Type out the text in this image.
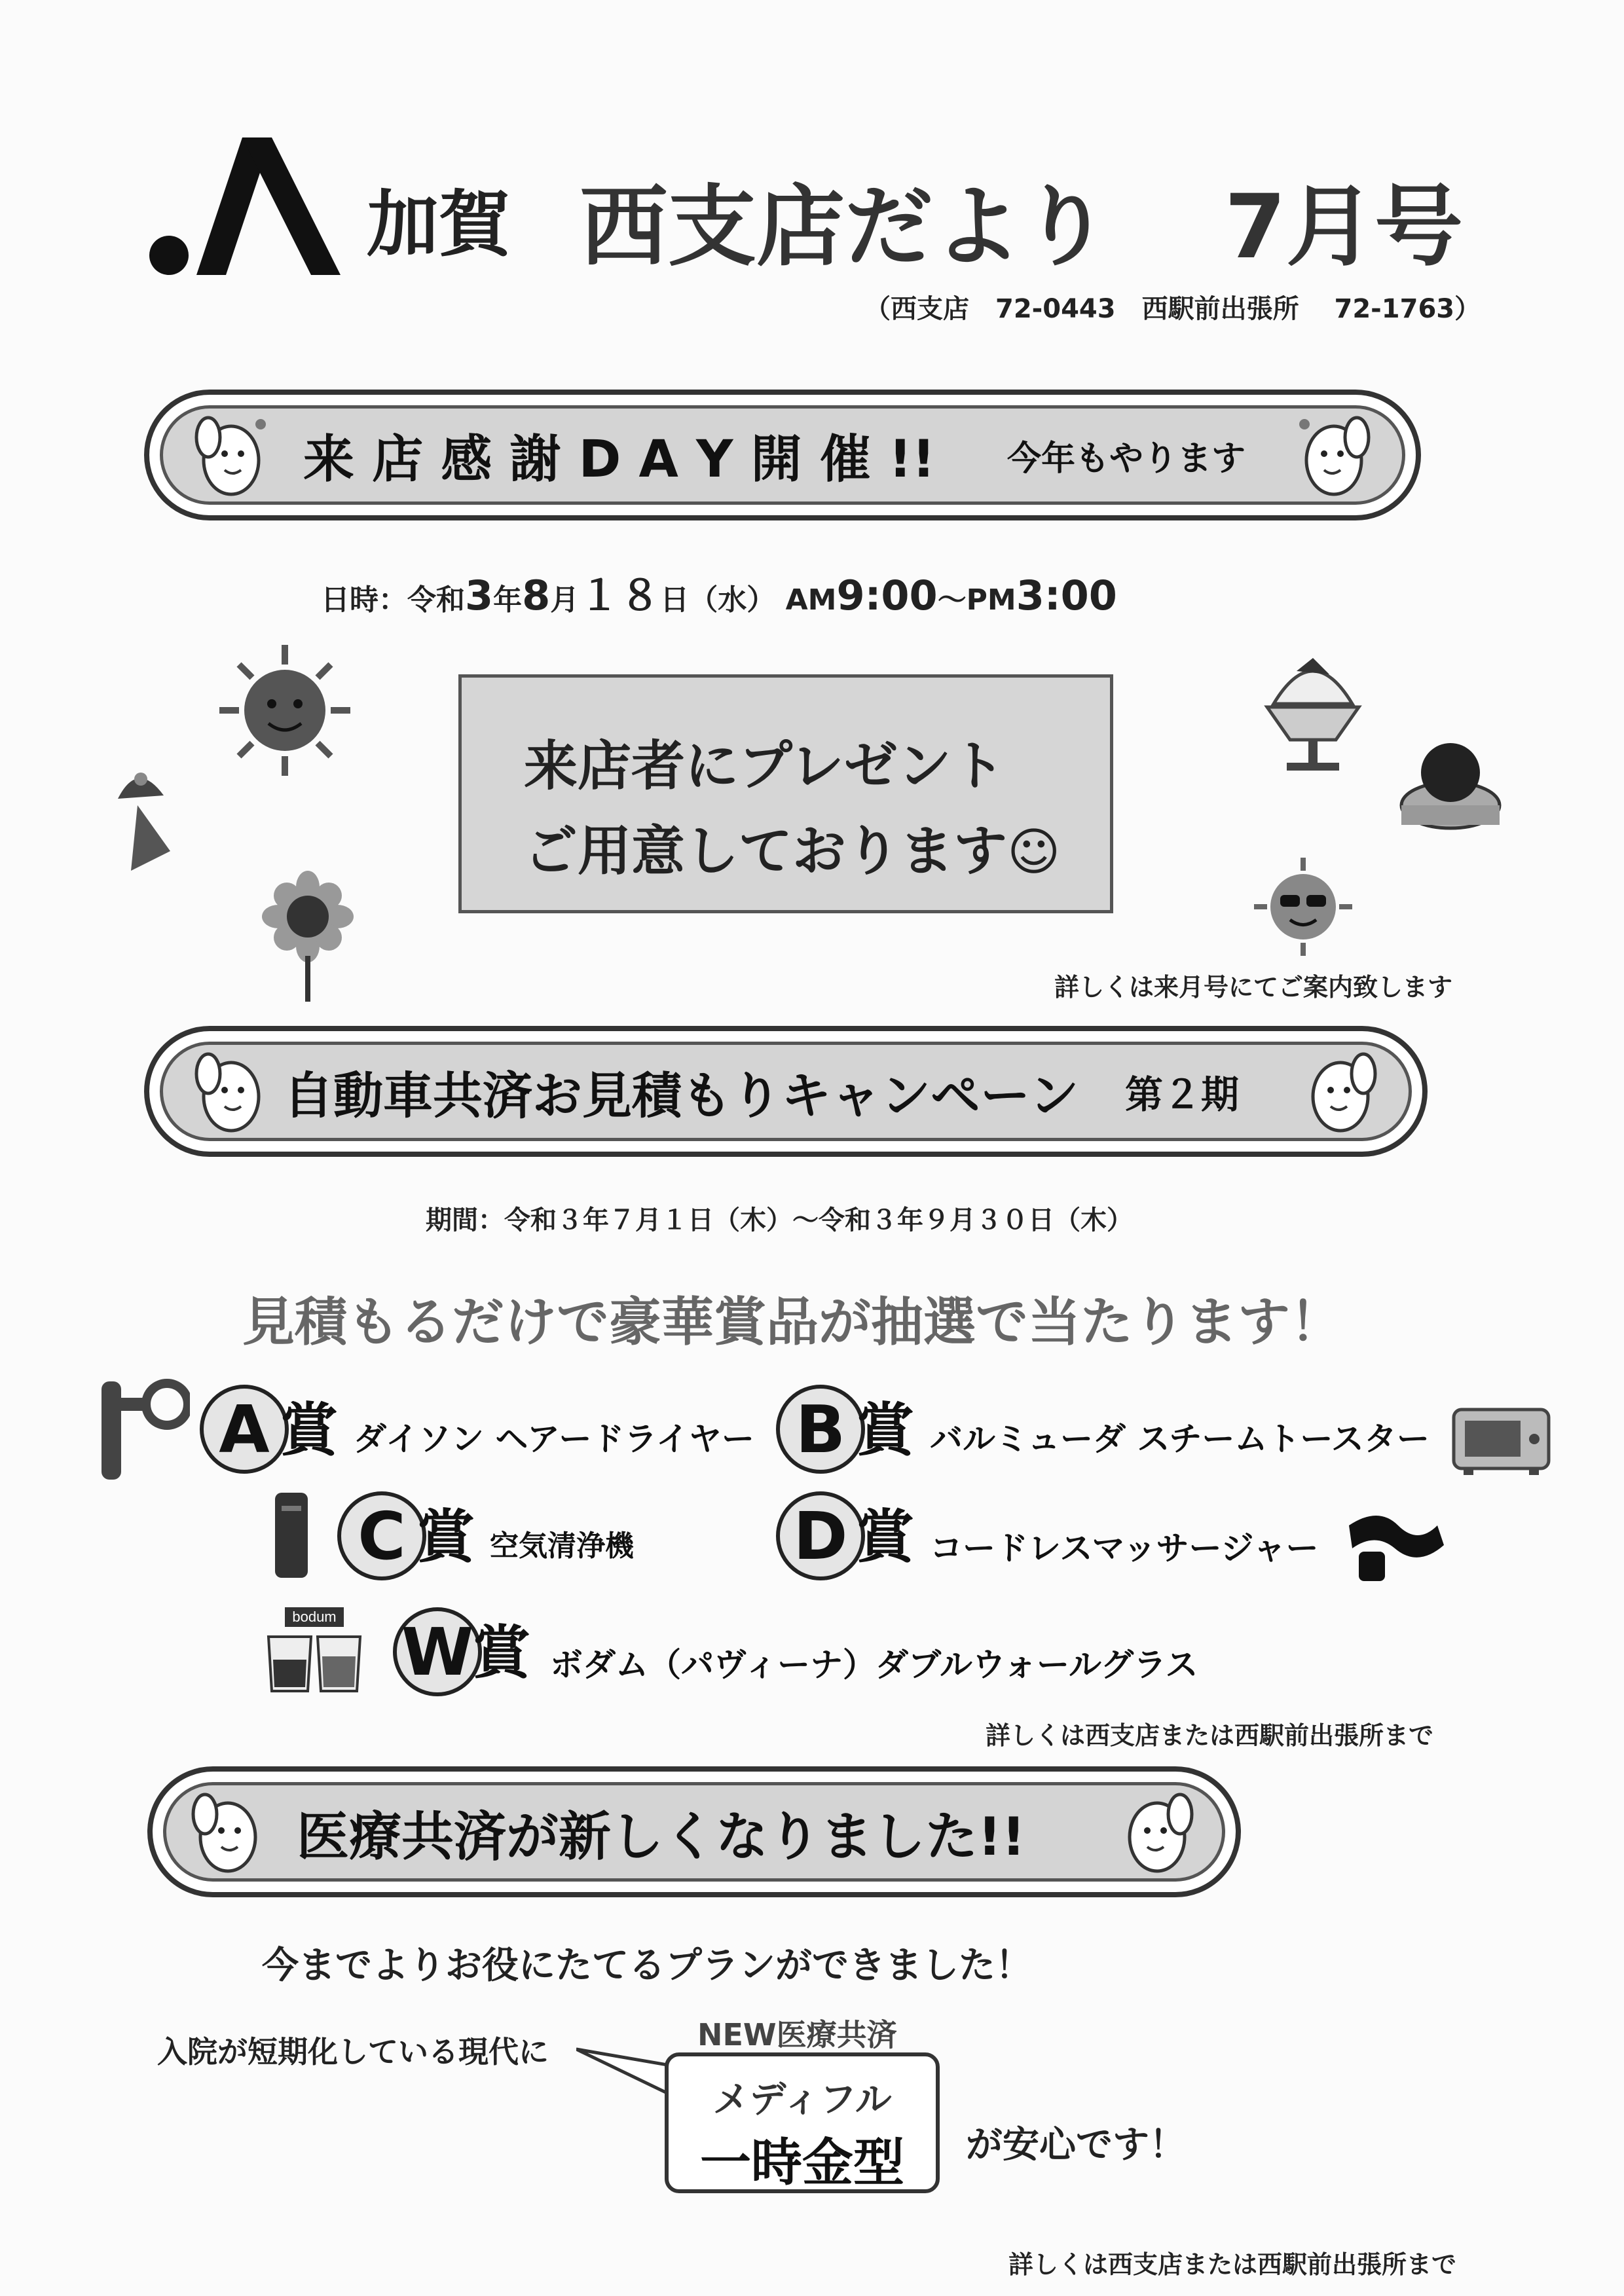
加賀 西支店だより 7月号
（西支店　72-0443　西駅前出張所　 72-1763）
来 店 感 謝 D A Y 開 催 !! 今年もやります
日時：令和3年8月１８日（水） AM9:00～PM3:00
来店者にプレゼント
ご用意しております☺
詳しくは来月号にてご案内致します
自動車共済お見積もりキャンペーン 第２期
期間：令和３年７月１日（木）～令和３年９月３０日（木）
見積もるだけで豪華賞品が抽選で当たります！
A 賞 ダイソン ヘアードライヤー B 賞 バルミューダ スチームトースター
C 賞 空気清浄機 D 賞 コードレスマッサージャー
bodum W
賞 ボダム（パヴィーナ）ダブルウォールグラス
詳しくは西支店または西駅前出張所まで
医療共済が新しくなりました!!
今までよりお役にたてるプランができました！
入院が短期化している現代に	NEW医療共済
メディフル
一時金型	が安心です！
詳しくは西支店または西駅前出張所まで
